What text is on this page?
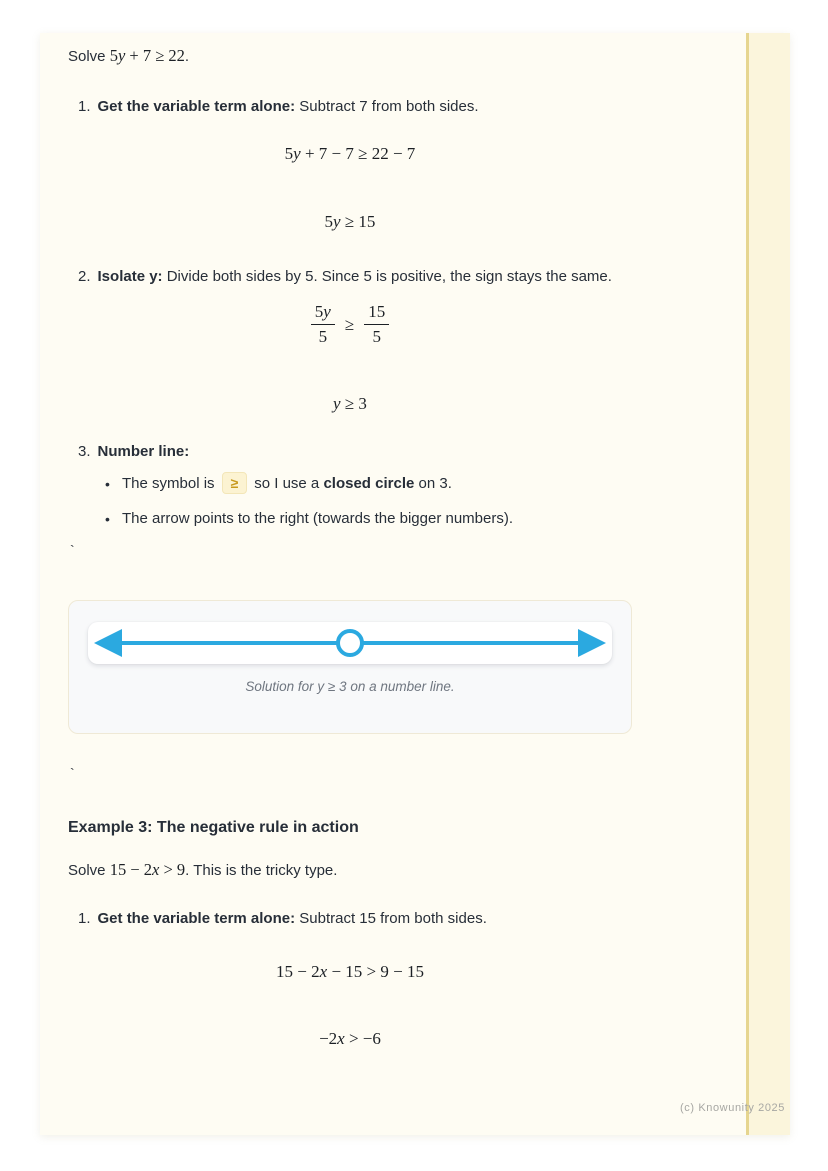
Solve 5y + 7 ≥ 22.

1. Get the variable term alone: Subtract 7 from both sides.
5y + 7 − 7 ≥ 22 − 7
5y ≥ 15
2. Isolate y: Divide both sides by 5. Since 5 is positive, the sign stays the same.
$\frac{5y}{5} \ge \frac{15}{5}$
y ≥ 3
3. Number line:
• The symbol is ≥ so I use a closed circle on 3.
• The arrow points to the right (towards the bigger numbers).
`
Solution for y ≥ 3 on a number line.
`
Example 3: The negative rule in action

Solve 15 − 2x > 9. This is the tricky type.

1. Get the variable term alone: Subtract 15 from both sides.
15 − 2x − 15 > 9 − 15
−2x > −6
(c) Knowunity 2025
